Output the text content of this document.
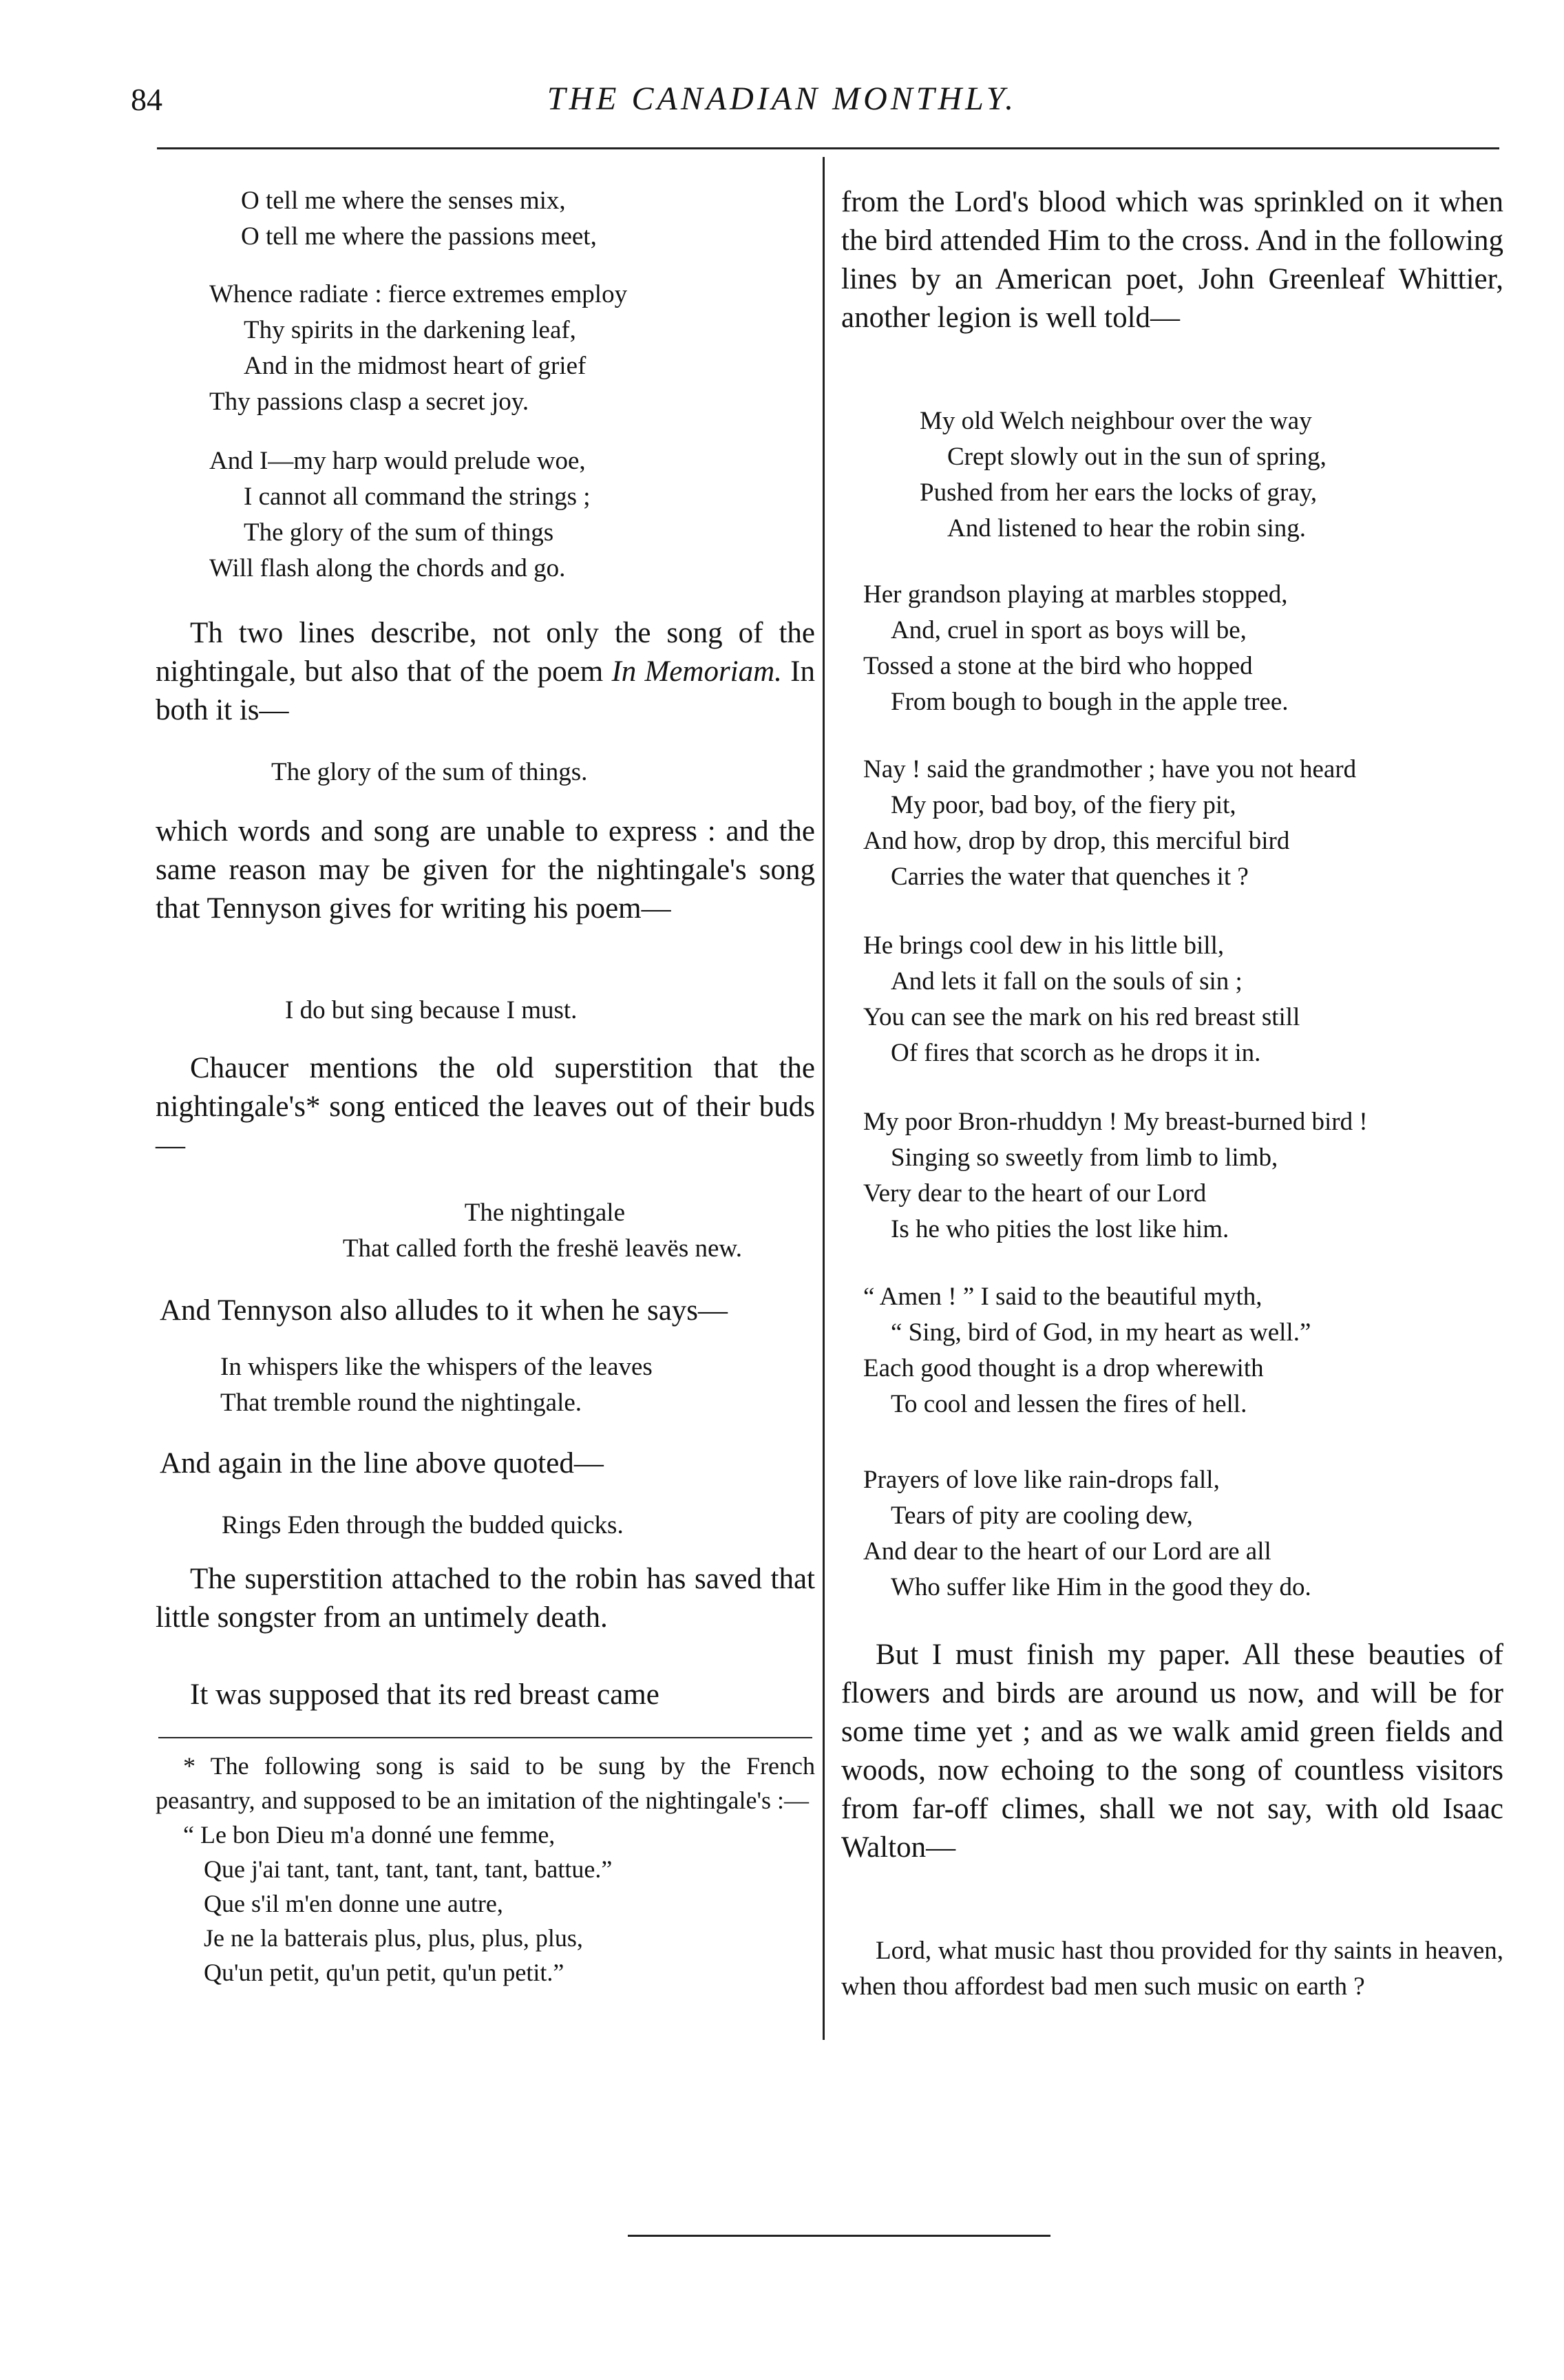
84	THE CANADIAN MONTHLY.
O tell me where the senses mix,
O tell me where the passions meet,
Whence radiate : fierce extremes employ
Thy spirits in the darkening leaf,
And in the midmost heart of grief
Thy passions clasp a secret joy.
And I—my harp would prelude woe,
I cannot all command the strings ;
The glory of the sum of things
Will flash along the chords and go.

Th two lines describe, not only the song of the nightingale, but also that of the poem In Memoriam. In both it is—

The glory of the sum of things.

which words and song are unable to express : and the same reason may be given for the nightingale's song that Tennyson gives for writing his poem—

I do but sing because I must.

Chaucer mentions the old superstition that the nightingale's* song enticed the leaves out of their buds—

The nightingale
That called forth the freshë leavës new.

And Tennyson also alludes to it when he says—

In whispers like the whispers of the leaves
That tremble round the nightingale.

And again in the line above quoted—

Rings Eden through the budded quicks.

The superstition attached to the robin has saved that little songster from an untimely death.

It was supposed that its red breast came

* The following song is said to be sung by the French peasantry, and supposed to be an imitation of the nightingale's :—
“ Le bon Dieu m'a donné une femme,
Que j'ai tant, tant, tant, tant, tant, battue.”
Que s'il m'en donne une autre,
Je ne la batterais plus, plus, plus, plus,
Qu'un petit, qu'un petit, qu'un petit.”

from the Lord's blood which was sprinkled on it when the bird attended Him to the cross. And in the following lines by an American poet, John Greenleaf Whittier, another legion is well told—

My old Welch neighbour over the way
Crept slowly out in the sun of spring,
Pushed from her ears the locks of gray,
And listened to hear the robin sing.
Her grandson playing at marbles stopped,
And, cruel in sport as boys will be,
Tossed a stone at the bird who hopped
From bough to bough in the apple tree.
Nay ! said the grandmother ; have you not heard
My poor, bad boy, of the fiery pit,
And how, drop by drop, this merciful bird
Carries the water that quenches it ?
He brings cool dew in his little bill,
And lets it fall on the souls of sin ;
You can see the mark on his red breast still
Of fires that scorch as he drops it in.
My poor Bron-rhuddyn ! My breast-burned bird !
Singing so sweetly from limb to limb,
Very dear to the heart of our Lord
Is he who pities the lost like him.
“ Amen ! ” I said to the beautiful myth,
“ Sing, bird of God, in my heart as well.”
Each good thought is a drop wherewith
To cool and lessen the fires of hell.
Prayers of love like rain-drops fall,
Tears of pity are cooling dew,
And dear to the heart of our Lord are all
Who suffer like Him in the good they do.

But I must finish my paper. All these beauties of flowers and birds are around us now, and will be for some time yet ; and as we walk amid green fields and woods, now echoing to the song of countless visitors from far-off climes, shall we not say, with old Isaac Walton—

Lord, what music hast thou provided for thy saints in heaven, when thou affordest bad men such music on earth ?
